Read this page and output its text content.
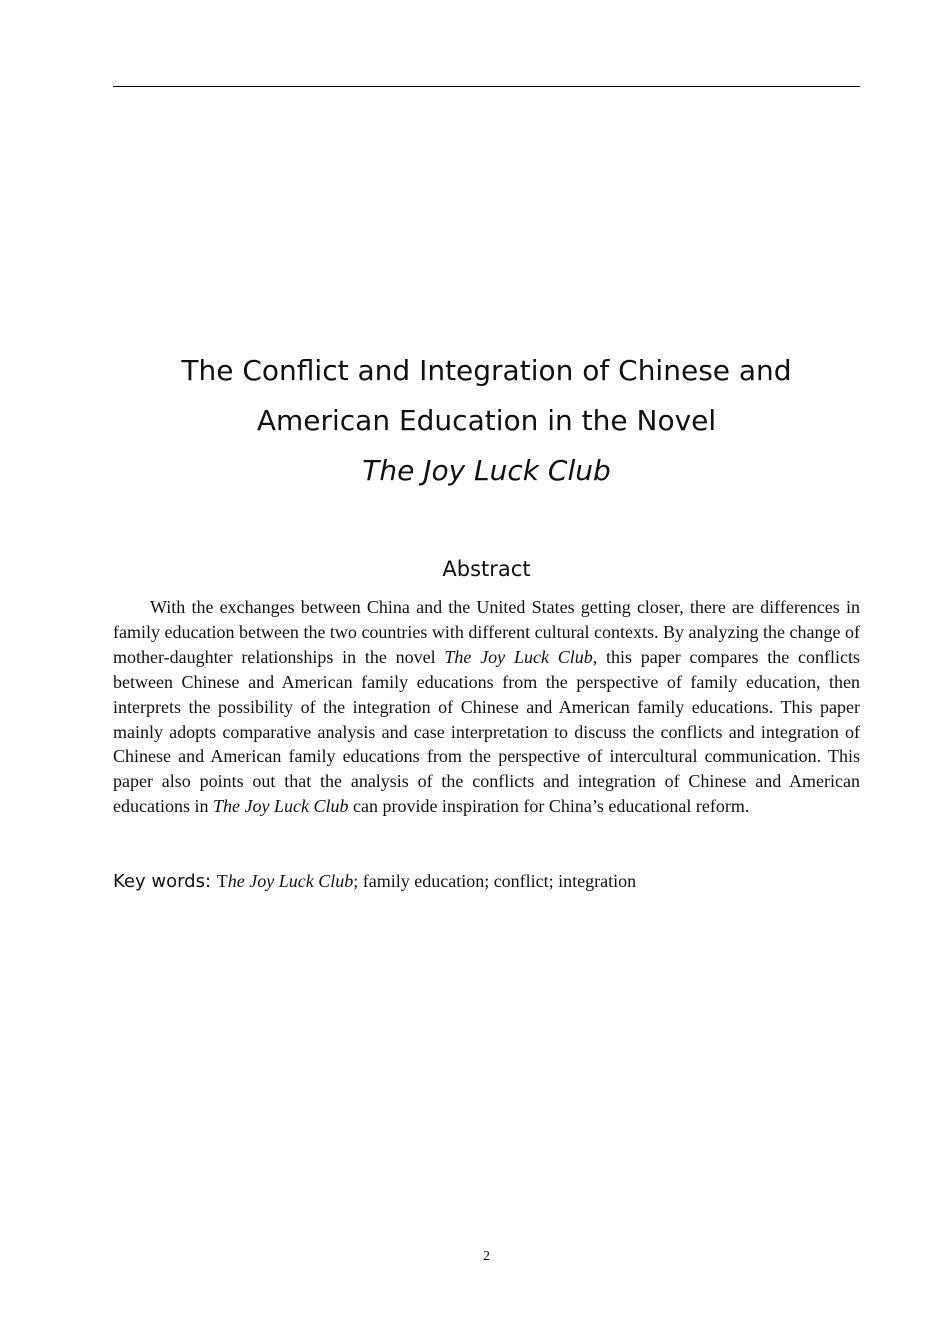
The Conflict and Integration of Chinese and
American Education in the Novel
The Joy Luck Club
Abstract

With the exchanges between China and the United States getting closer, there are differences in family education between the two countries with different cultural contexts. By analyzing the change of mother-daughter relationships in the novel The Joy Luck Club, this paper compares the conflicts between Chinese and American family educations from the perspective of family education, then interprets the possibility of the integration of Chinese and American family educations. This paper mainly adopts comparative analysis and case interpretation to discuss the conflicts and integration of Chinese and American family educations from the perspective of intercultural communication. This paper also points out that the analysis of the conflicts and integration of Chinese and American educations in The Joy Luck Club can provide inspiration for China’s educational reform.

Key words: The Joy Luck Club; family education; conflict; integration
2
